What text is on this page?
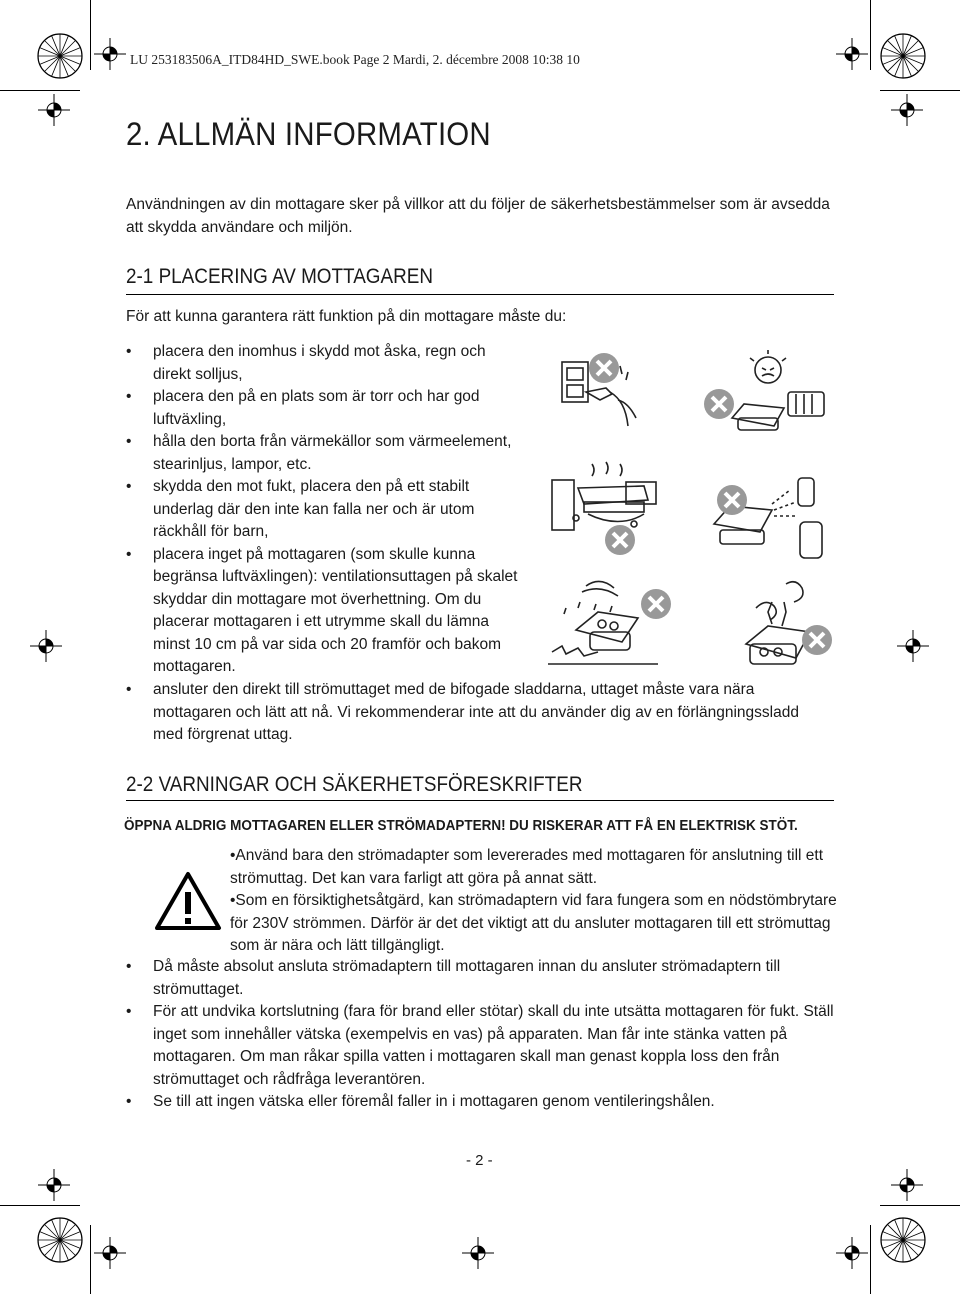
LU 253183506A_ITD84HD_SWE.book Page 2 Mardi, 2. décembre 2008 10:38 10
2. ALLMÄN INFORMATION
Användningen av din mottagare sker på villkor att du följer de säkerhetsbestämmelser som är avsedda att skydda användare och miljön.
2-1 PLACERING AV MOTTAGAREN
För att kunna garantera rätt funktion på din mottagare måste du:
• placera den inomhus i skydd mot åska, regn och direkt solljus,
• placera den på en plats som är torr och har god luftväxling,
• hålla den borta från värmekällor som värmeelement, stearinljus, lampor, etc.
• skydda den mot fukt, placera den på ett stabilt underlag där den inte kan falla ner och är utom räckhåll för barn,
• placera inget på mottagaren (som skulle kunna begränsa luftväxlingen): ventilationsuttagen på skalet skyddar din mottagare mot överhettning. Om du placerar mottagaren i ett utrymme skall du lämna minst 10 cm på var sida och 20 framför och bakom mottagaren.
• ansluter den direkt till strömuttaget med de bifogade sladdarna, uttaget måste vara nära mottagaren och lätt att nå. Vi rekommenderar inte att du använder dig av en förlängningssladd med förgrenat uttag.
2-2 VARNINGAR OCH SÄKERHETSFÖRESKRIFTER
ÖPPNA ALDRIG MOTTAGAREN ELLER STRÖMADAPTERN! DU RISKERAR ATT FÅ EN ELEKTRISK STÖT.
•Använd bara den strömadapter som levererades med mottagaren för anslutning till ett strömuttag. Det kan vara farligt att göra på annat sätt.
•Som en försiktighetsåtgärd, kan strömadaptern vid fara fungera som en nödstömbrytare för 230V strömmen. Därför är det det viktigt att du ansluter mottagaren till ett strömuttag som är nära och lätt tillgängligt.
• Då måste absolut ansluta strömadaptern till mottagaren innan du ansluter strömadaptern till strömuttaget.
• För att undvika kortslutning (fara för brand eller stötar) skall du inte utsätta mottagaren för fukt. Ställ inget som innehåller vätska (exempelvis en vas) på apparaten. Man får inte stänka vatten på mottagaren. Om man råkar spilla vatten i mottagaren skall man genast koppla loss den från strömuttaget och rådfråga leverantören.
• Se till att ingen vätska eller föremål faller in i mottagaren genom ventileringshålen.
- 2 -
